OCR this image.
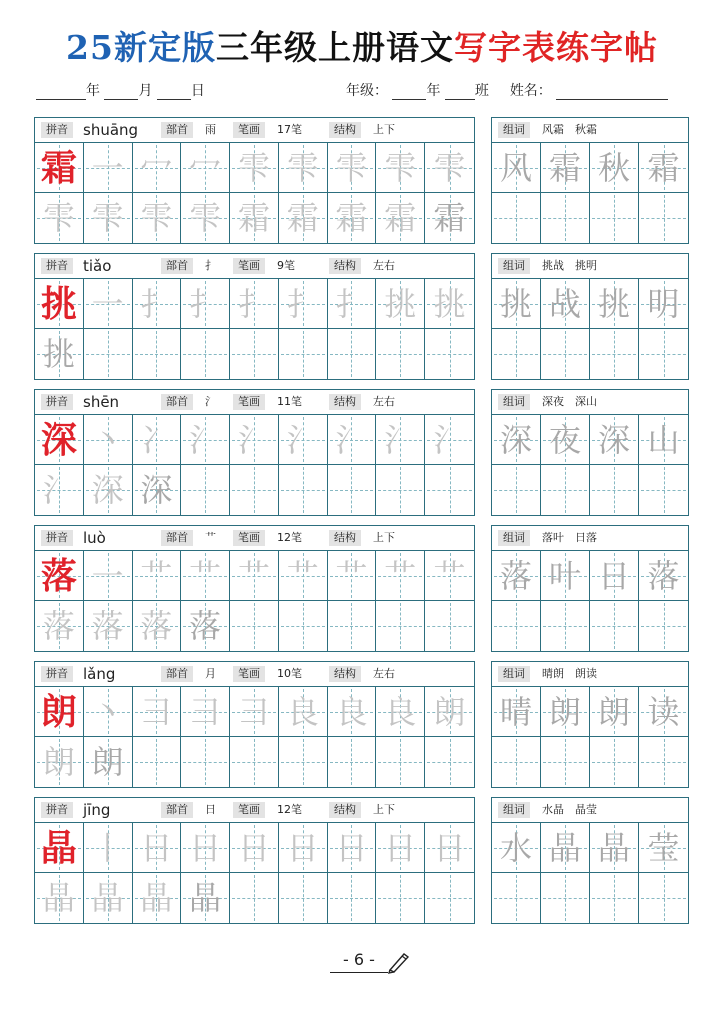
25新定版三年级上册语文写字表练字帖
年	月	日	年级：	年 班 姓名：
拼音	shuāng	部首	雨	笔画	17笔	结构	上下
霜 一 冖 冖 雫 雫 雫 雫 雫
雫 雫 雫 雫 霜 霜 霜 霜 霜
组词	风霜　秋霜
风 霜 秋 霜
拼音	tiǎo	部首	扌	笔画	9笔	结构	左右
挑 一 扌 扌 扌 扌 扌 挑 挑
挑
组词	挑战　挑明
挑 战 挑 明
拼音	shēn	部首	氵	笔画	11笔	结构	左右
深 丶 冫 氵 氵 氵 氵 氵 氵
氵 深 深
组词	深夜　深山
深 夜 深 山
拼音	luò	部首	艹	笔画	12笔	结构	上下
落 一 艹 艹 艹 艹 艹 艹 艹
落 落 落 落
组词	落叶　日落
落 叶 日 落
拼音	lǎng	部首	月	笔画	10笔	结构	左右
朗 丶 彐 彐 彐 良 良 良 朗
朗 朗
组词	晴朗　朗读
晴 朗 朗 读
拼音	jīng	部首	日	笔画	12笔	结构	上下
晶 丨 日 日 日 日 日 日 日
晶 晶 晶 晶
组词	水晶　晶莹
水 晶 晶 莹
- 6 -
